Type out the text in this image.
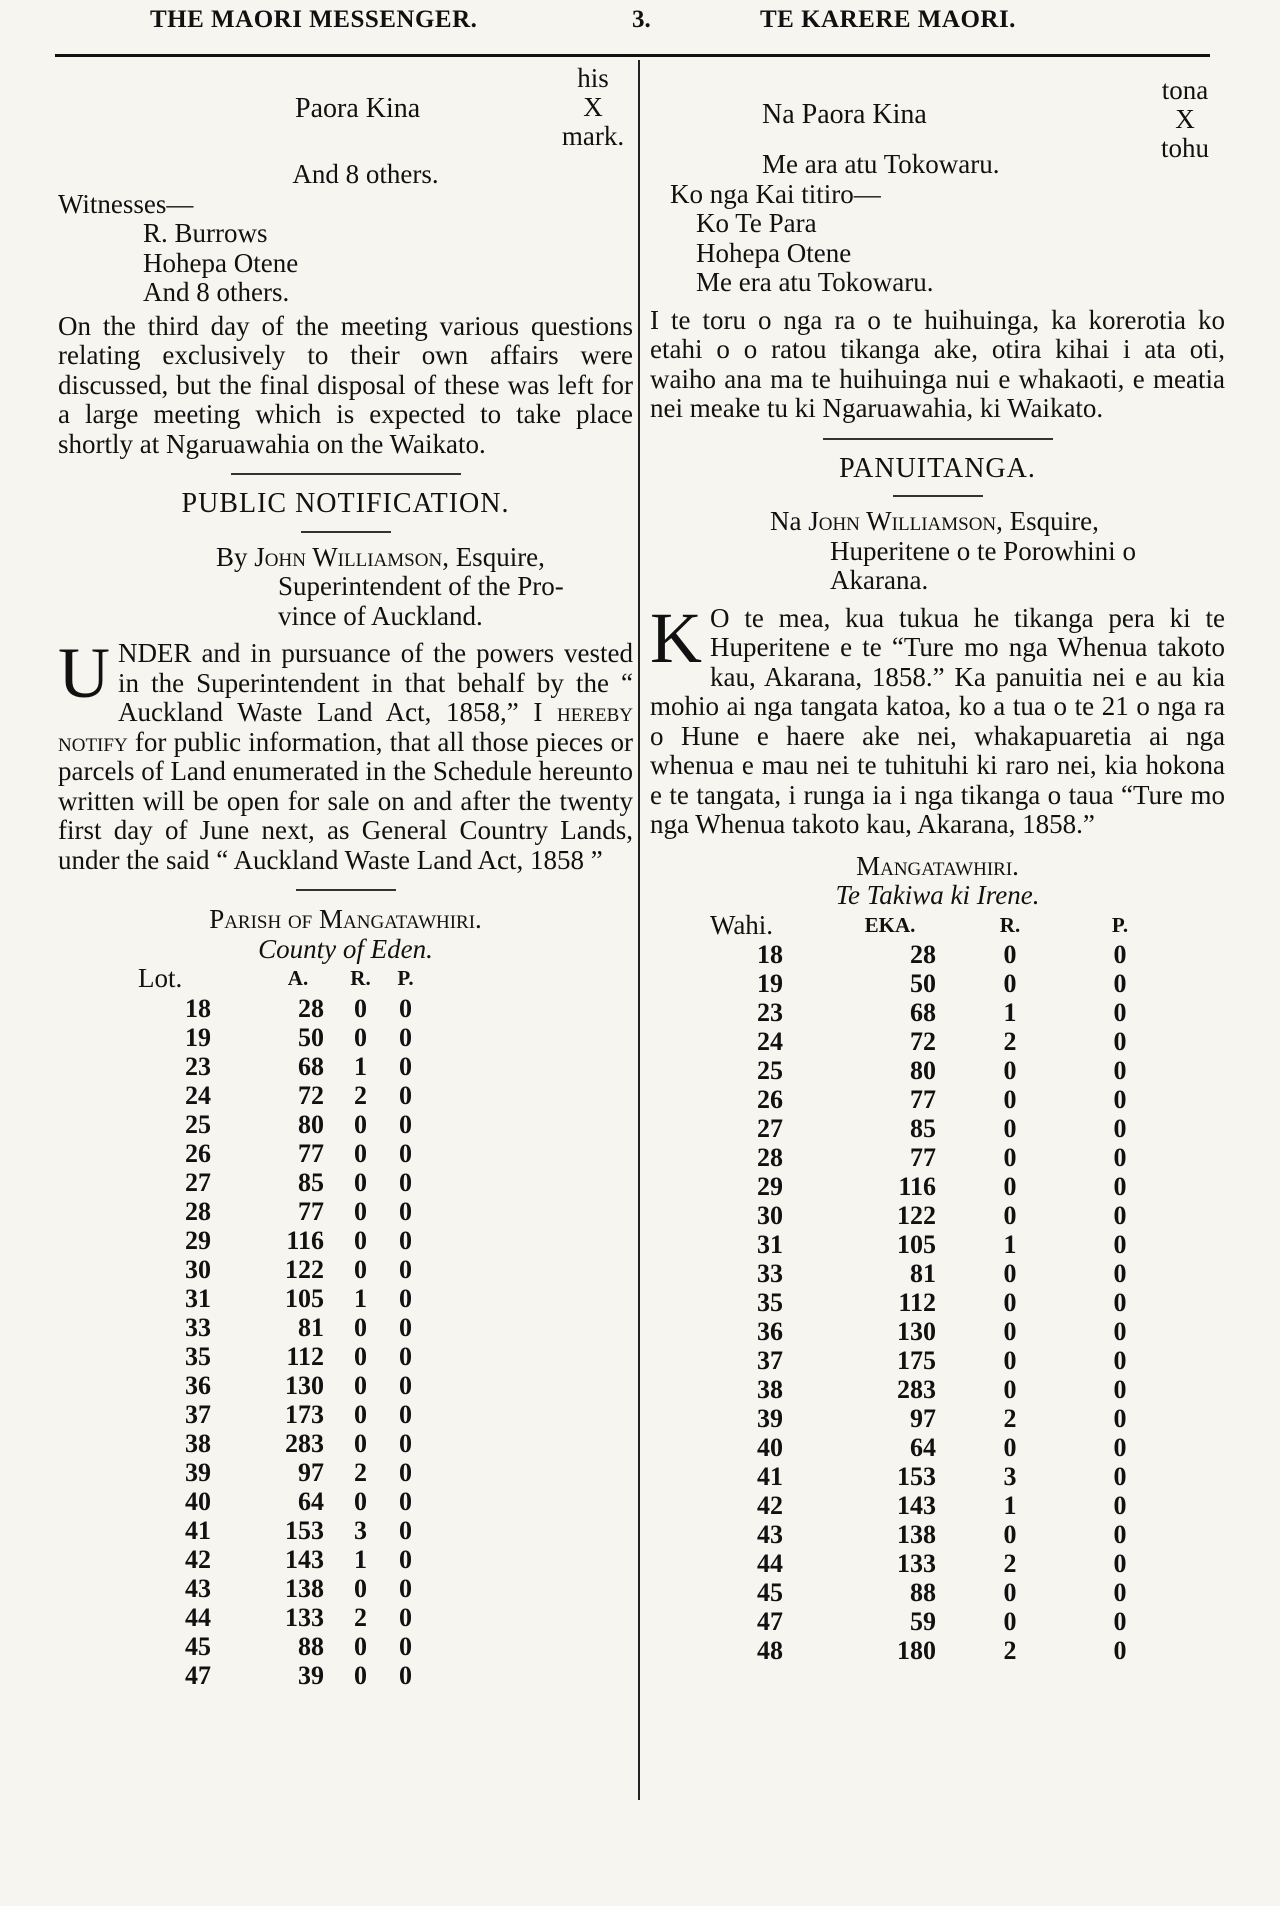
THE MAORI MESSENGER.	3.	TE KARERE MAORI.
Paora Kina
his
X
mark.
And 8 others.
Witnesses—
R. Burrows
Hohepa Otene
And 8 others.

On the third day of the meeting various questions relating exclusively to their own affairs were discussed, but the final disposal of these was left for a large meeting which is expected to take place shortly at Ngaruawahia on the Waikato.

PUBLIC NOTIFICATION.
By John Williamson, Esquire,
Superintendent of the Pro-
vince of Auckland.

UNDER and in pursuance of the powers vested in the Superintendent in that behalf by the “ Auckland Waste Land Act, 1858,” I hereby notify for public information, that all those pieces or parcels of Land enumerated in the Schedule hereunto written will be open for sale on and after the twenty first day of June next, as General Country Lands, under the said “ Auckland Waste Land Act, 1858 ”

Parish of Mangatawhiri.
County of Eden.
Lot.	A.	R.	P.
18	28	0	0
19	50	0	0
23	68	1	0
24	72	2	0
25	80	0	0
26	77	0	0
27	85	0	0
28	77	0	0
29	116	0	0
30	122	0	0
31	105	1	0
33	81	0	0
35	112	0	0
36	130	0	0
37	173	0	0
38	283	0	0
39	97	2	0
40	64	0	0
41	153	3	0
42	143	1	0
43	138	0	0
44	133	2	0
45	88	0	0
47	39	0	0
Na Paora Kina
tona
X
tohu
Me ara atu Tokowaru.
Ko nga Kai titiro—
Ko Te Para
Hohepa Otene
Me era atu Tokowaru.

I te toru o nga ra o te huihuinga, ka korerotia ko etahi o o ratou tikanga ake, otira kihai i ata oti, waiho ana ma te huihuinga nui e whakaoti, e meatia nei meake tu ki Ngaruawahia, ki Waikato.

PANUITANGA.
Na John Williamson, Esquire,
Huperitene o te Porowhini o
Akarana.

K O te mea, kua tukua he tikanga pera ki te Huperitene e te “Ture mo nga Whenua takoto kau, Akarana, 1858.” Ka panuitia nei e au kia mohio ai nga tangata katoa, ko a tua o te 21 o nga ra o Hune e haere ake nei, whakapuaretia ai nga whenua e mau nei te tuhituhi ki raro nei, kia hokona e te tangata, i runga ia i nga tikanga o taua “Ture mo nga Whenua takoto kau, Akarana, 1858.”

Mangatawhiri.
Te Takiwa ki Irene.
Wahi.	EKA.	R.	P.
18	28	0	0
19	50	0	0
23	68	1	0
24	72	2	0
25	80	0	0
26	77	0	0
27	85	0	0
28	77	0	0
29	116	0	0
30	122	0	0
31	105	1	0
33	81	0	0
35	112	0	0
36	130	0	0
37	175	0	0
38	283	0	0
39	97	2	0
40	64	0	0
41	153	3	0
42	143	1	0
43	138	0	0
44	133	2	0
45	88	0	0
47	59	0	0
48	180	2	0
